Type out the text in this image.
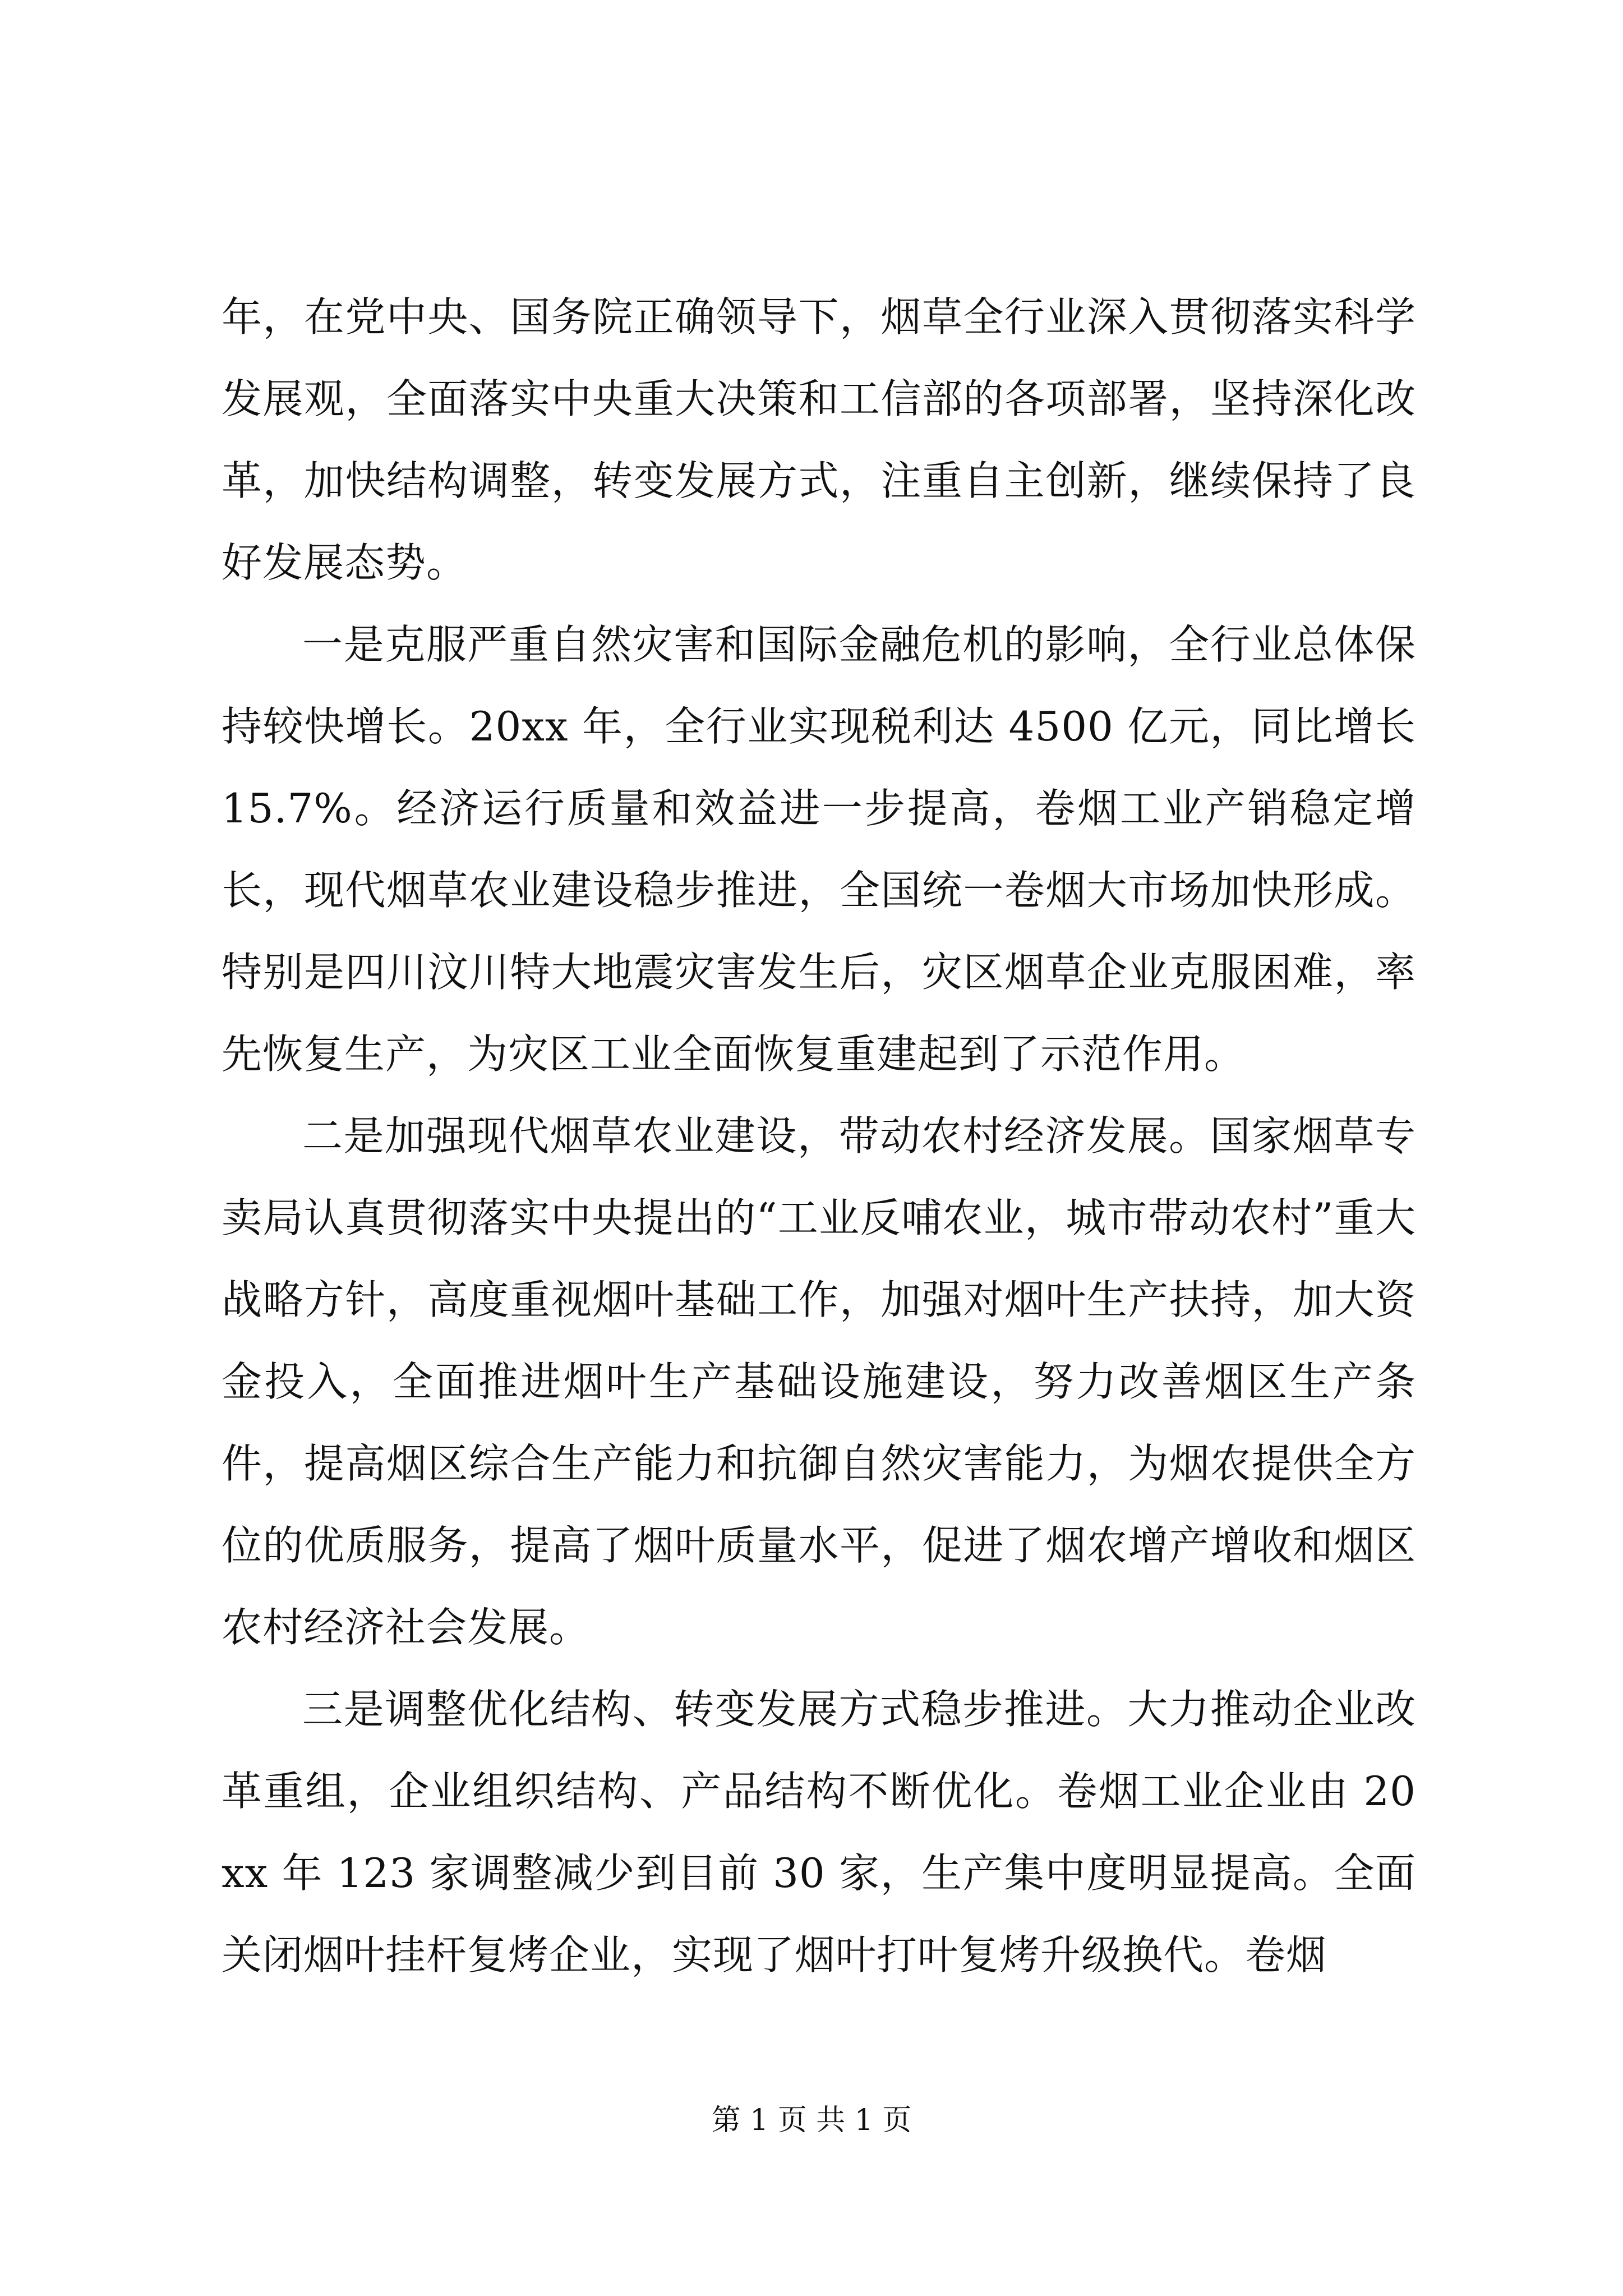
年，在党中央、国务院正确领导下，烟草全行业深入贯彻落实科学发展观，全面落实中央重大决策和工信部的各项部署，坚持深化改革，加快结构调整，转变发展方式，注重自主创新，继续保持了良好发展态势。

一是克服严重自然灾害和国际金融危机的影响，全行业总体保持较快增长。20xx 年，全行业实现税利达 4500 亿元，同比增长 15.7%。经济运行质量和效益进一步提高，卷烟工业产销稳定增长，现代烟草农业建设稳步推进，全国统一卷烟大市场加快形成。特别是四川汶川特大地震灾害发生后，灾区烟草企业克服困难，率先恢复生产，为灾区工业全面恢复重建起到了示范作用。

二是加强现代烟草农业建设，带动农村经济发展。国家烟草专卖局认真贯彻落实中央提出的“工业反哺农业，城市带动农村”重大战略方针，高度重视烟叶基础工作，加强对烟叶生产扶持，加大资金投入，全面推进烟叶生产基础设施建设，努力改善烟区生产条件，提高烟区综合生产能力和抗御自然灾害能力，为烟农提供全方位的优质服务，提高了烟叶质量水平，促进了烟农增产增收和烟区农村经济社会发展。

三是调整优化结构、转变发展方式稳步推进。大力推动企业改革重组，企业组织结构、产品结构不断优化。卷烟工业企业由 20xx 年 123 家调整减少到目前 30 家，生产集中度明显提高。全面关闭烟叶挂杆复烤企业，实现了烟叶打叶复烤升级换代。卷烟

第 1 页 共 1 页
